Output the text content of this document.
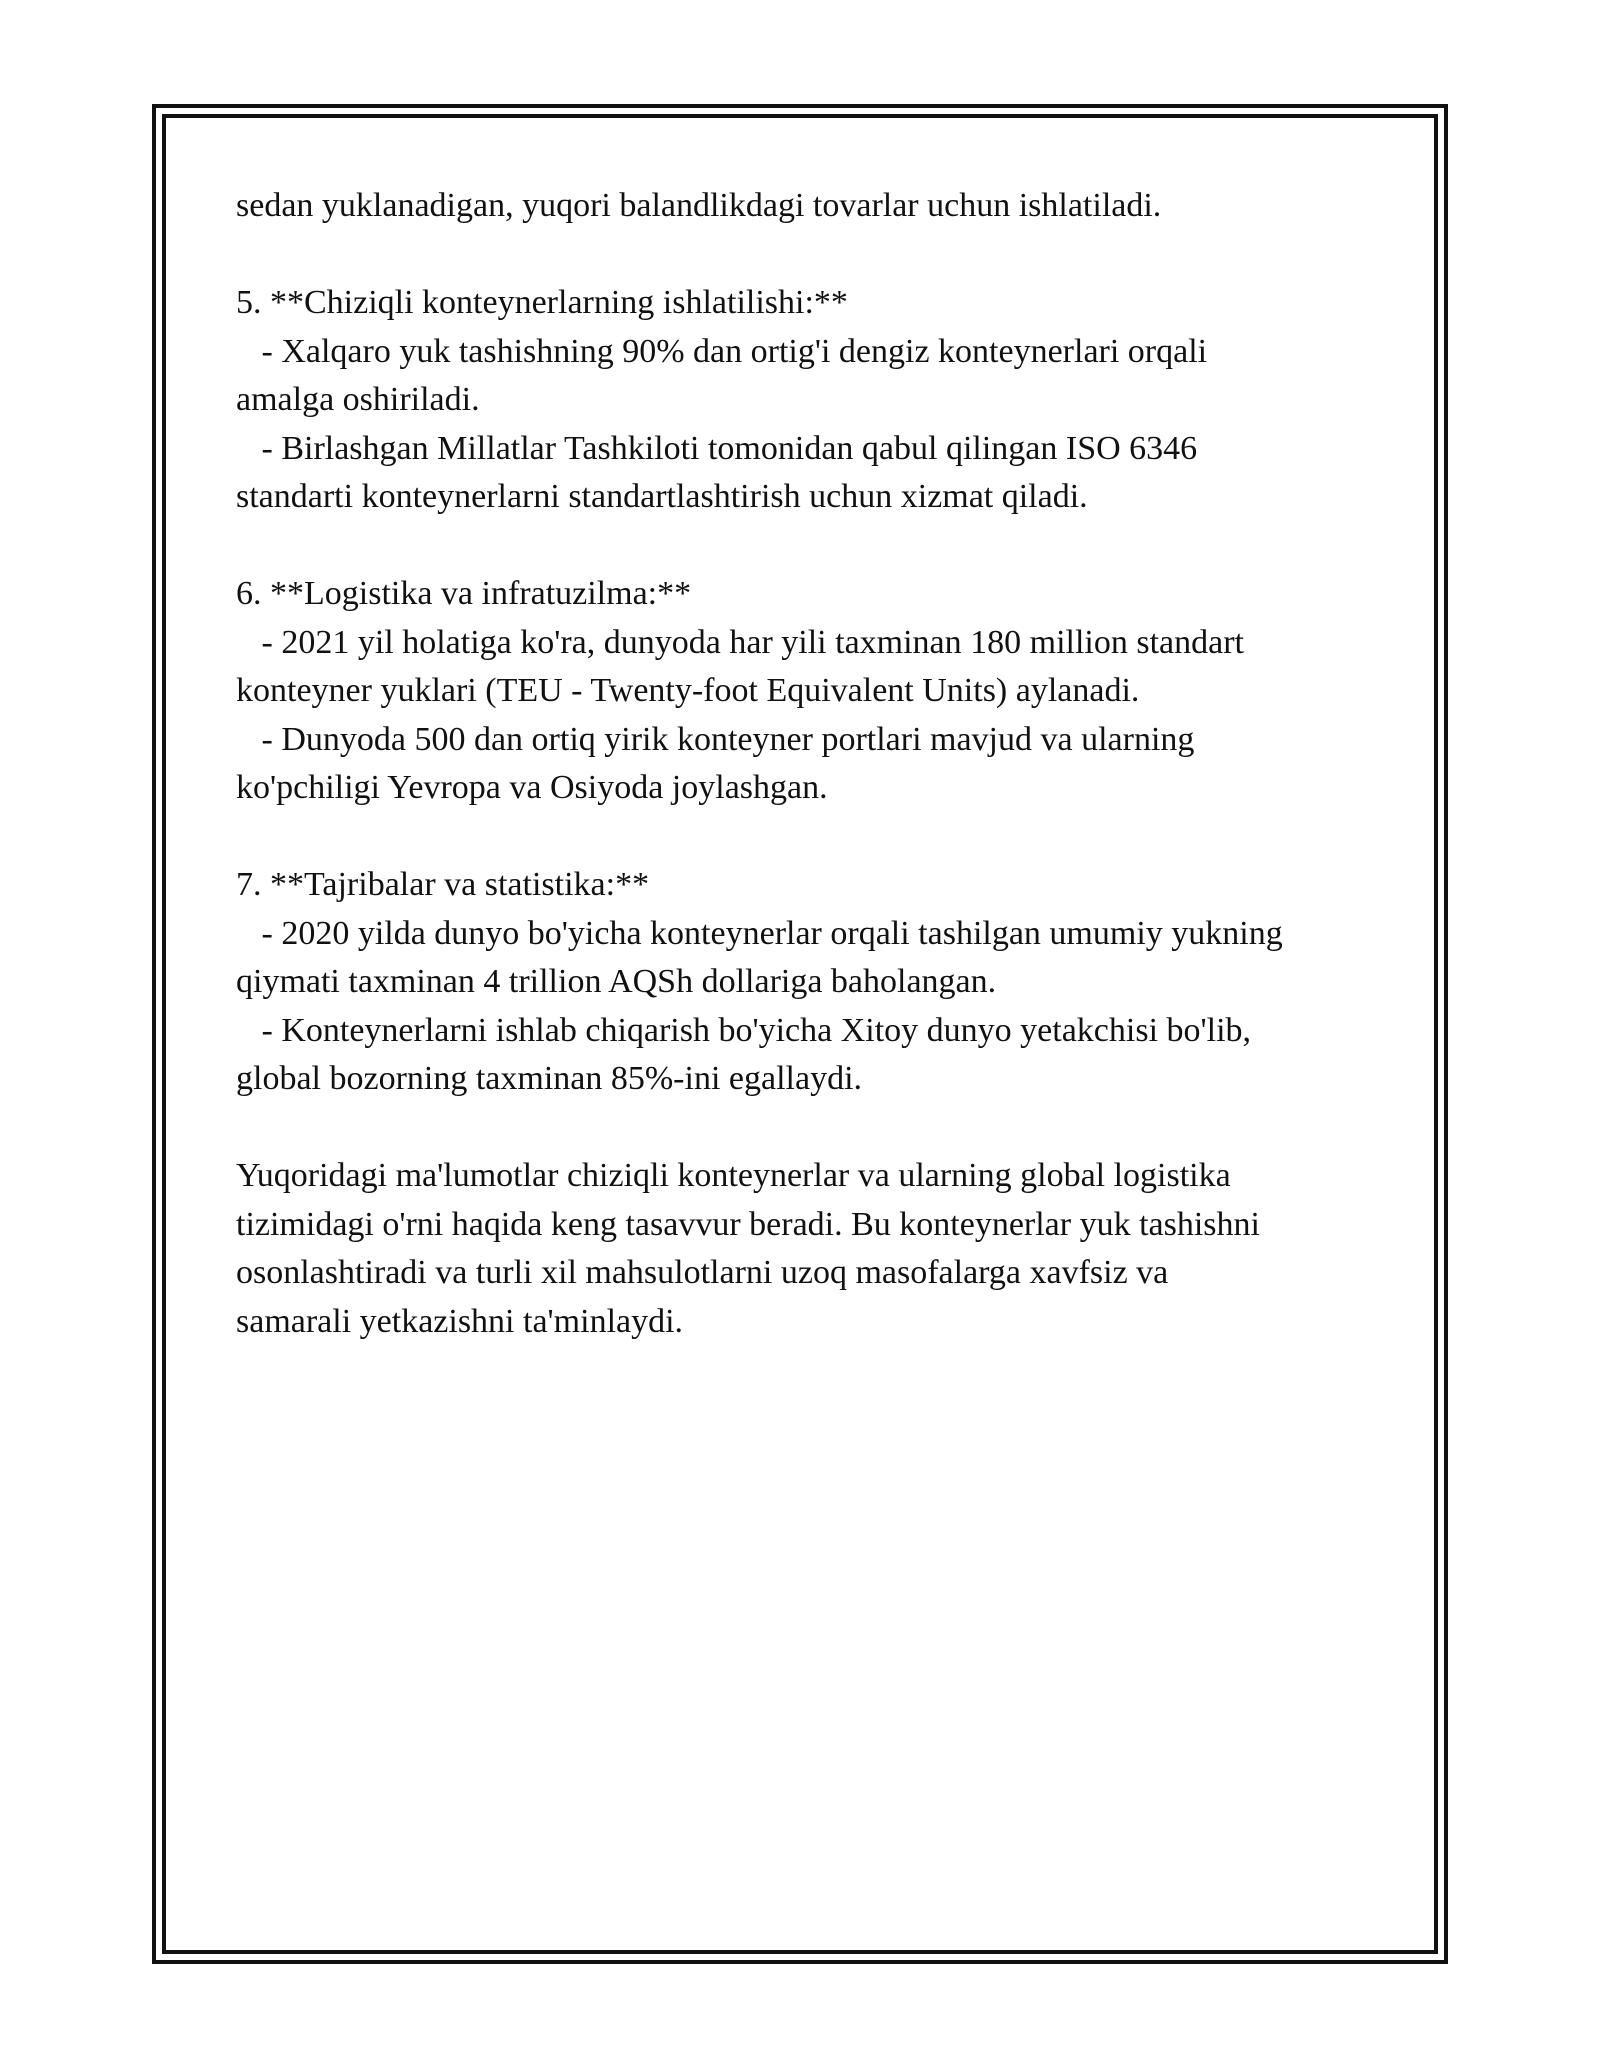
sedan yuklanadigan, yuqori balandlikdagi tovarlar uchun ishlatiladi.
5. **Chiziqli konteynerlarning ishlatilishi:**
- Xalqaro yuk tashishning 90% dan ortig'i dengiz konteynerlari orqali
amalga oshiriladi.
- Birlashgan Millatlar Tashkiloti tomonidan qabul qilingan ISO 6346
standarti konteynerlarni standartlashtirish uchun xizmat qiladi.
6. **Logistika va infratuzilma:**
- 2021 yil holatiga ko'ra, dunyoda har yili taxminan 180 million standart
konteyner yuklari (TEU - Twenty-foot Equivalent Units) aylanadi.
- Dunyoda 500 dan ortiq yirik konteyner portlari mavjud va ularning
ko'pchiligi Yevropa va Osiyoda joylashgan.
7. **Tajribalar va statistika:**
- 2020 yilda dunyo bo'yicha konteynerlar orqali tashilgan umumiy yukning
qiymati taxminan 4 trillion AQSh dollariga baholangan.
- Konteynerlarni ishlab chiqarish bo'yicha Xitoy dunyo yetakchisi bo'lib,
global bozorning taxminan 85%-ini egallaydi.
Yuqoridagi ma'lumotlar chiziqli konteynerlar va ularning global logistika
tizimidagi o'rni haqida keng tasavvur beradi. Bu konteynerlar yuk tashishni
osonlashtiradi va turli xil mahsulotlarni uzoq masofalarga xavfsiz va
samarali yetkazishni ta'minlaydi.
